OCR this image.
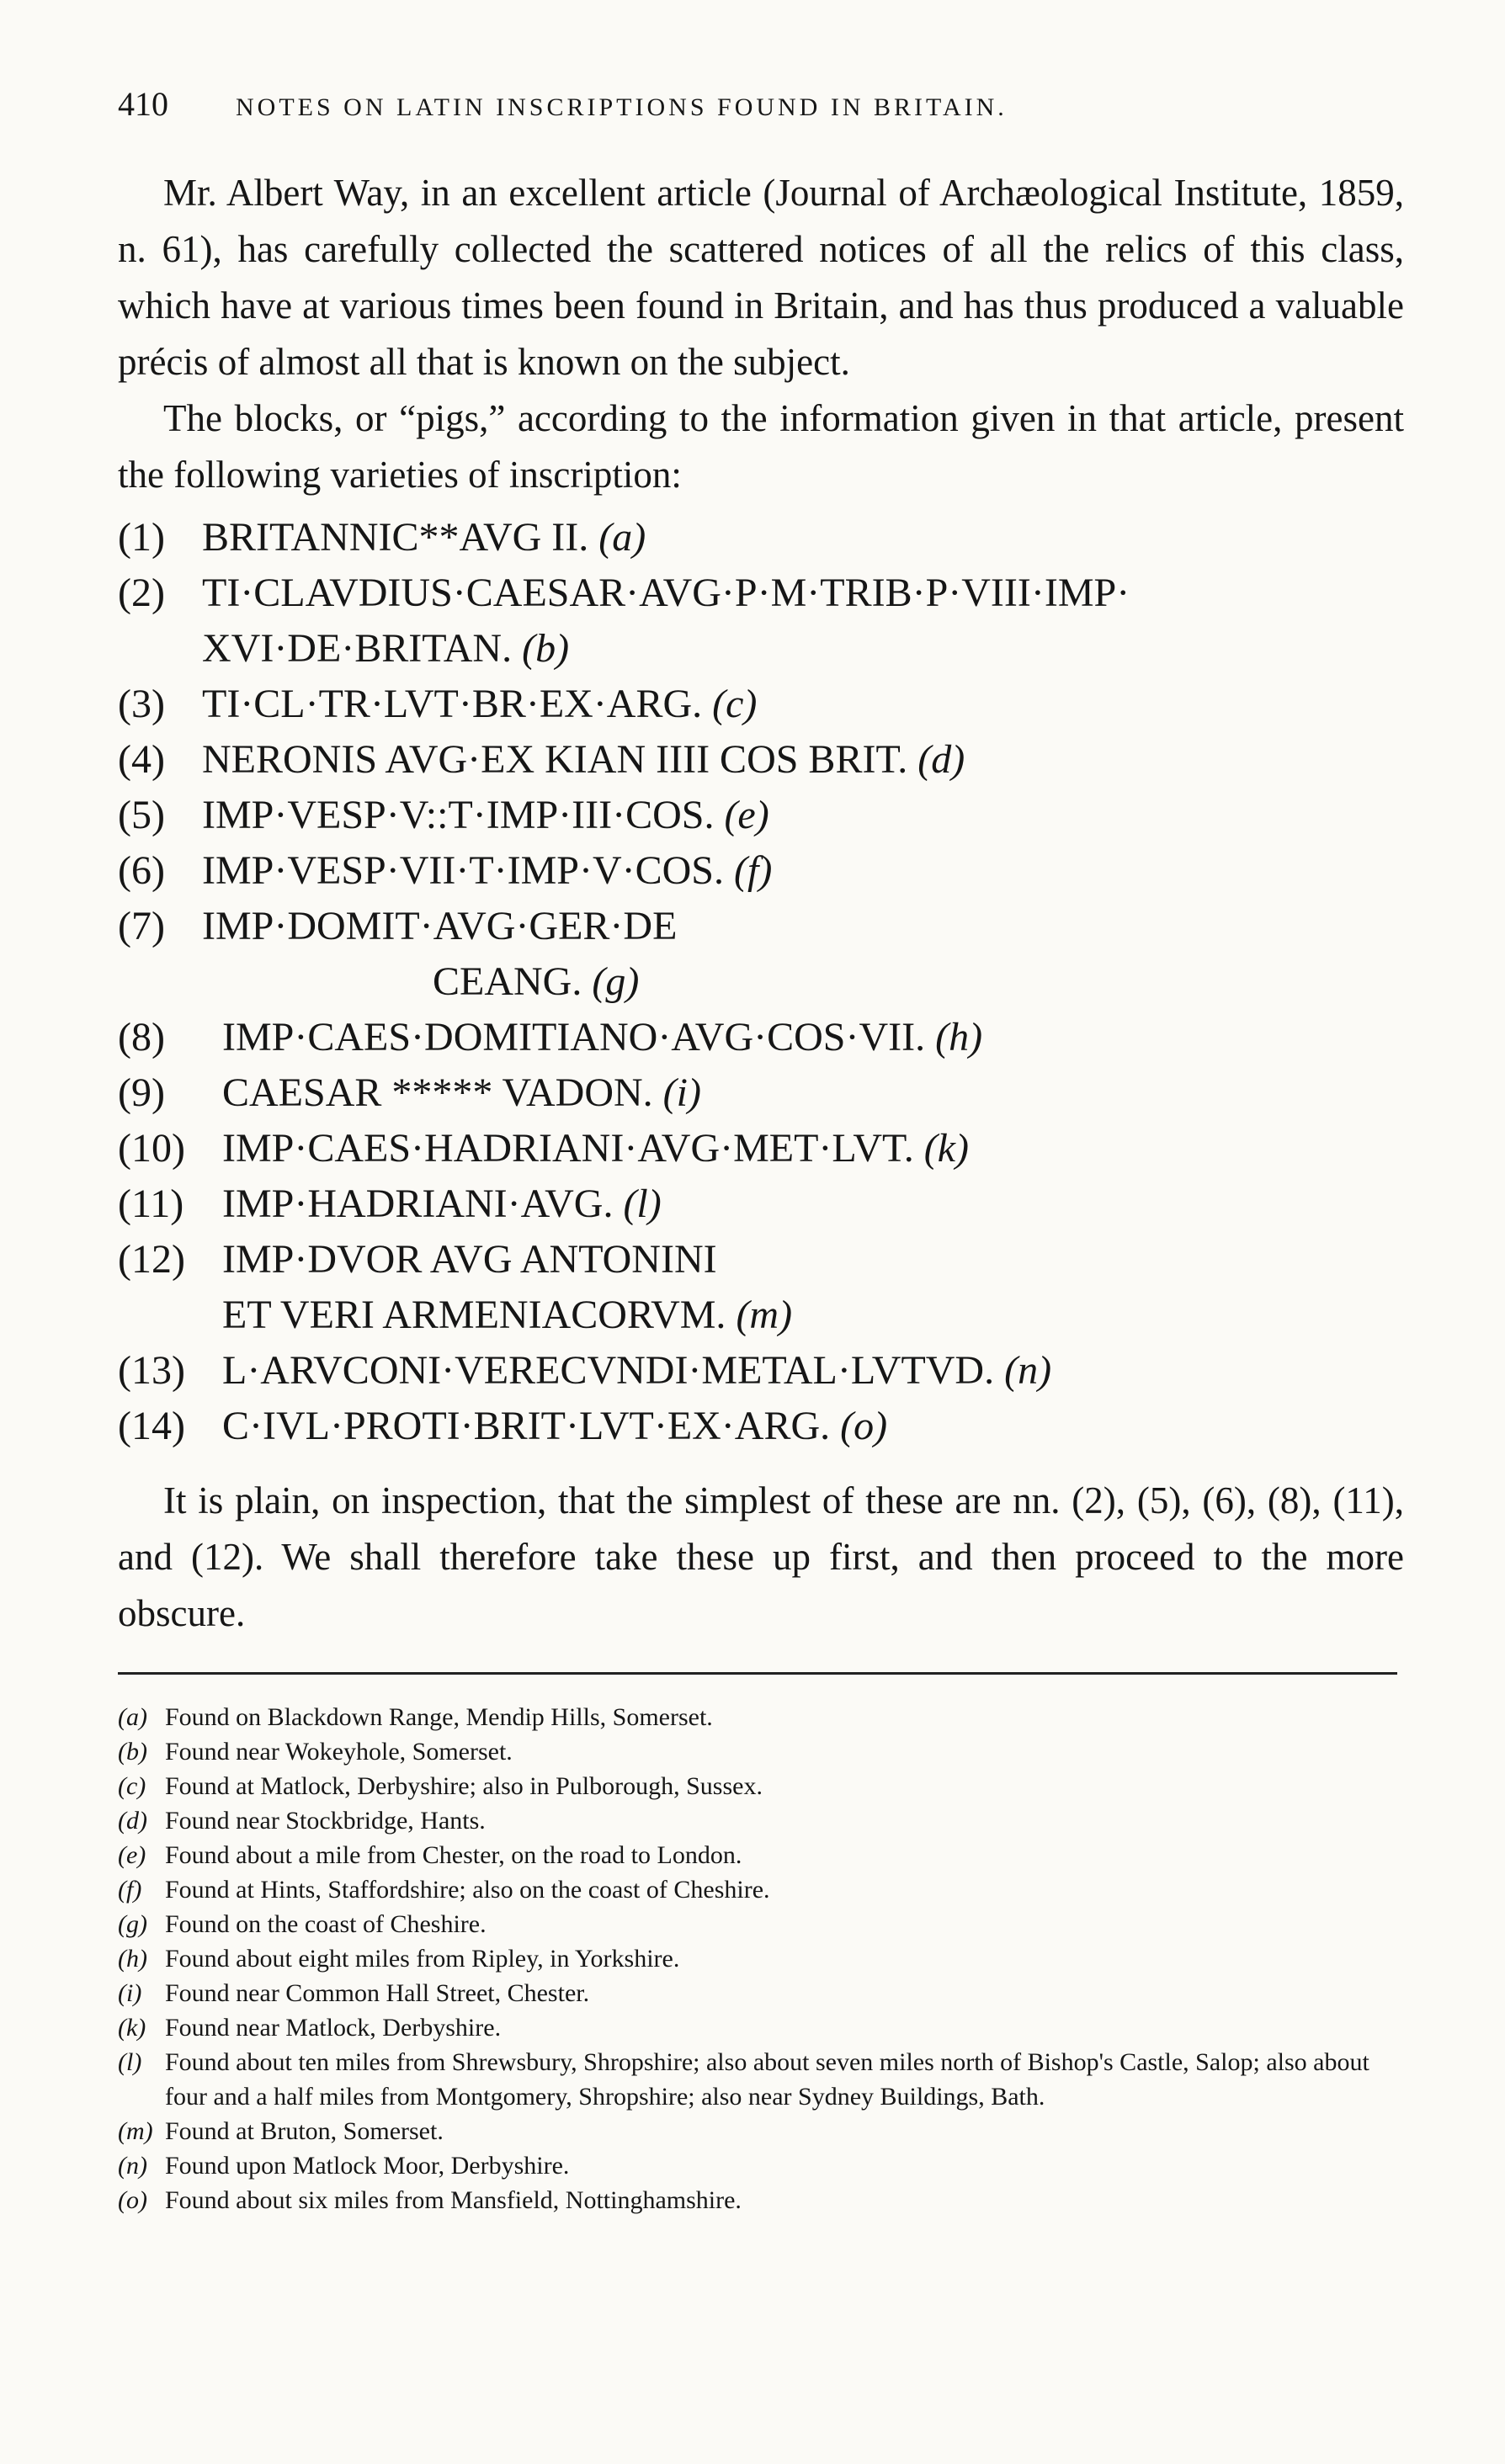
410	NOTES ON LATIN INSCRIPTIONS FOUND IN BRITAIN.

Mr. Albert Way, in an excellent article (Journal of Archæological Institute, 1859, n. 61), has carefully collected the scattered notices of all the relics of this class, which have at various times been found in Britain, and has thus produced a valuable précis of almost all that is known on the subject.

The blocks, or “pigs,” according to the information given in that article, present the following varieties of inscription:

(1) BRITANNIC**AVG II. (a)
(2) TI·CLAVDIUS·CAESAR·AVG·P·M·TRIB·P·VIII·IMP·
XVI·DE·BRITAN. (b)
(3) TI·CL·TR·LVT·BR·EX·ARG. (c)
(4) NERONIS AVG·EX KIAN IIII COS BRIT. (d)
(5) IMP·VESP·V::T·IMP·III·COS. (e)
(6) IMP·VESP·VII·T·IMP·V·COS. (f)
(7) IMP·DOMIT·AVG·GER·DE
CEANG. (g)
(8)	IMP·CAES·DOMITIANO·AVG·COS·VII. (h)
(9)	CAESAR ***** VADON. (i)
(10) IMP·CAES·HADRIANI·AVG·MET·LVT. (k)
(11) IMP·HADRIANI·AVG. (l)
(12) IMP·DVOR AVG ANTONINI
ET VERI ARMENIACORVM. (m)
(13) L·ARVCONI·VERECVNDI·METAL·LVTVD. (n)
(14) C·IVL·PROTI·BRIT·LVT·EX·ARG. (o)

It is plain, on inspection, that the simplest of these are nn. (2), (5), (6), (8), (11), and (12). We shall therefore take these up first, and then proceed to the more obscure.

(a) Found on Blackdown Range, Mendip Hills, Somerset.
(b) Found near Wokeyhole, Somerset.
(c) Found at Matlock, Derbyshire; also in Pulborough, Sussex.
(d) Found near Stockbridge, Hants.
(e) Found about a mile from Chester, on the road to London.
(f) Found at Hints, Staffordshire; also on the coast of Cheshire.
(g) Found on the coast of Cheshire.
(h) Found about eight miles from Ripley, in Yorkshire.
(i) Found near Common Hall Street, Chester.
(k) Found near Matlock, Derbyshire.
(l) Found about ten miles from Shrewsbury, Shropshire; also about seven miles north of Bishop's Castle, Salop; also about four and a half miles from Montgomery, Shropshire; also near Sydney Buildings, Bath.
(m) Found at Bruton, Somerset.
(n) Found upon Matlock Moor, Derbyshire.
(o) Found about six miles from Mansfield, Nottinghamshire.
